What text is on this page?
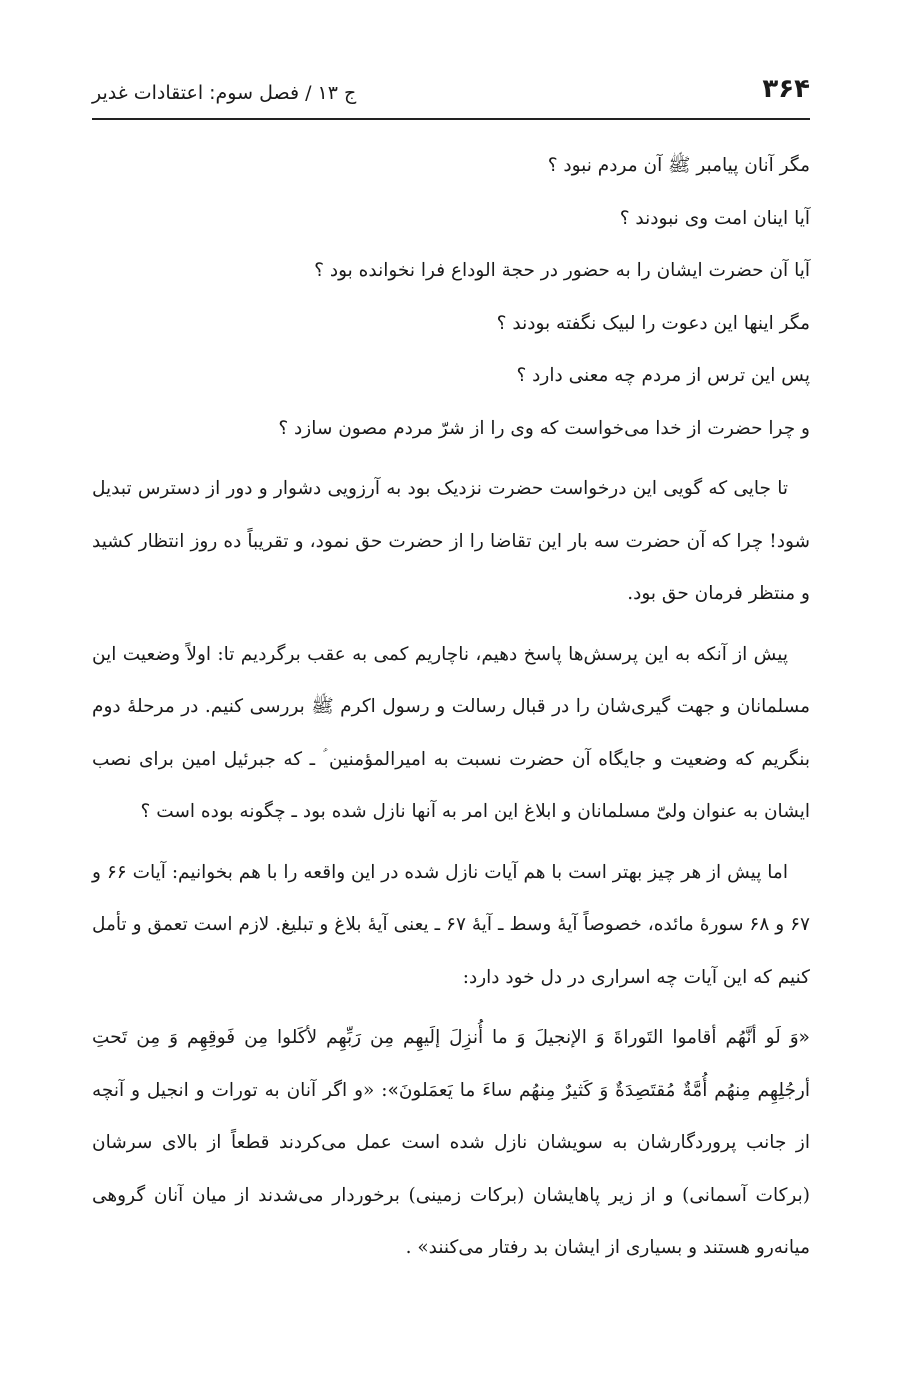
۳۶۴
ج ۱۳ / فصل سوم: اعتقادات غدیر
مگر آنان پیامبر ﷺ آن مردم نبود ؟
آیا اینان امت وی نبودند ؟
آیا آن حضرت ایشان را به حضور در حجة الوداع فرا نخوانده بود ؟
مگر اینها این دعوت را لبیک نگفته بودند ؟
پس این ترس از مردم چه معنی دارد ؟
و چرا حضرت از خدا می‌خواست که وی را از شرّ مردم مصون سازد ؟

تا جایی که گویی این درخواست حضرت نزدیک بود به آرزویی دشوار و دور از دسترس تبدیل شود! چرا که آن حضرت سه بار این تقاضا را از حضرت حق نمود، و تقریباً ده روز انتظار کشید و منتظر فرمان حق بود.

پیش از آنکه به این پرسش‌ها پاسخ دهیم، ناچاریم کمی به عقب برگردیم تا: اولاً وضعیت این مسلمانان و جهت گیری‌شان را در قبال رسالت و رسول اکرم ﷺ بررسی کنیم. در مرحلهٔ دوم بنگریم که وضعیت و جایگاه آن حضرت نسبت به امیرالمؤمنین ؑ ـ که جبرئیل امین برای نصب ایشان به عنوان ولیّ مسلمانان و ابلاغ این امر به آنها نازل شده بود ـ چگونه بوده است ؟

اما پیش از هر چیز بهتر است با هم آیات نازل شده در این واقعه را با هم بخوانیم: آیات ۶۶ و ۶۷ و ۶۸ سورهٔ مائده، خصوصاً آیهٔ وسط ـ آیهٔ ۶۷ ـ یعنی آیهٔ بلاغ و تبلیغ. لازم است تعمق و تأمل کنیم که این آیات چه اسراری در دل خود دارد:

«وَ لَو أنَّهُم أقاموا التَوراةَ وَ الإنجيلَ وَ ما أُنزِلَ إلَيهِم مِن رَبِّهِم لأكَلوا مِن فَوقِهِم وَ مِن تَحتِ أرجُلِهِم مِنهُم أُمَّةٌ مُقتَصِدَةٌ وَ كَثيرٌ مِنهُم ساءَ ما يَعمَلونَ»: «و اگر آنان به تورات و انجیل و آنچه از جانب پروردگارشان به سویشان نازل شده است عمل می‌کردند قطعاً از بالای سرشان (برکات آسمانی) و از زیر پاهایشان (برکات زمینی) برخوردار می‌شدند از میان آنان گروهی میانه‌رو هستند و بسیاری از ایشان بد رفتار می‌کنند» .
